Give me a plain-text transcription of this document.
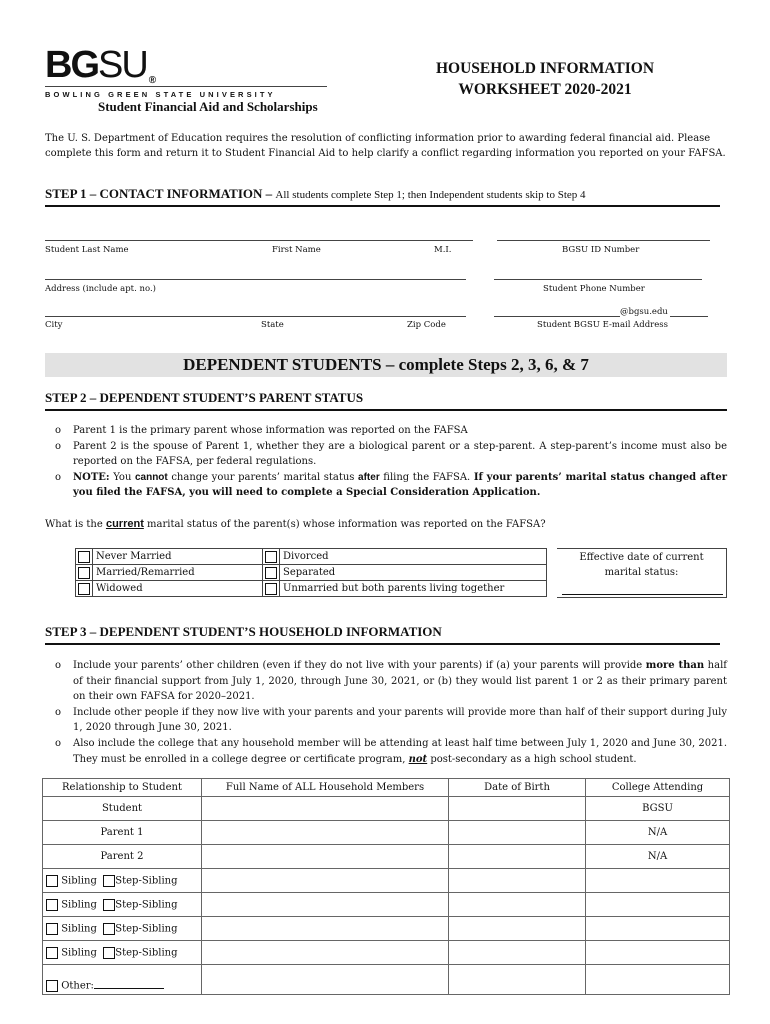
BGSU ®
BOWLING GREEN STATE UNIVERSITY
Student Financial Aid and Scholarships
HOUSEHOLD INFORMATION
WORKSHEET 2020-2021
The U. S. Department of Education requires the resolution of conflicting information prior to awarding federal financial aid. Please complete this form and return it to Student Financial Aid to help clarify a conflict regarding information you reported on your FAFSA.
STEP 1 – CONTACT INFORMATION – All students complete Step 1; then Independent students skip to Step 4
Student Last Name	First Name	M.I.	BGSU ID Number
Address (include apt. no.)	Student Phone Number
@bgsu.edu
City	State	Zip Code	Student BGSU E-mail Address
DEPENDENT STUDENTS – complete Steps 2, 3, 6, & 7
STEP 2 – DEPENDENT STUDENT’S PARENT STATUS
o Parent 1 is the primary parent whose information was reported on the FAFSA
o Parent 2 is the spouse of Parent 1, whether they are a biological parent or a step-parent. A step-parent’s income must also be reported on the FAFSA, per federal regulations.
o NOTE: You cannot change your parents’ marital status after filing the FAFSA. If your parents’ marital status changed after you filed the FAFSA, you will need to complete a Special Consideration Application.
What is the current marital status of the parent(s) whose information was reported on the FAFSA?
	Never Married		Divorced
	Married/Remarried		Separated
	Widowed		Unmarried but both parents living together
Effective date of current marital status:
STEP 3 – DEPENDENT STUDENT’S HOUSEHOLD INFORMATION
o Include your parents’ other children (even if they do not live with your parents) if (a) your parents will provide more than half of their financial support from July 1, 2020, through June 30, 2021, or (b) they would list parent 1 or 2 as their primary parent on their own FAFSA for 2020–2021.
o Include other people if they now live with your parents and your parents will provide more than half of their support during July 1, 2020 through June 30, 2021.
o Also include the college that any household member will be attending at least half time between July 1, 2020 and June 30, 2021. They must be enrolled in a college degree or certificate program, not post-secondary as a high school student.
Relationship to Student	Full Name of ALL Household Members	Date of Birth	College Attending
Student			BGSU
Parent 1			N/A
Parent 2			N/A
Sibling Step-Sibling			
Sibling Step-Sibling			
Sibling Step-Sibling			
Sibling Step-Sibling			
Other:			
